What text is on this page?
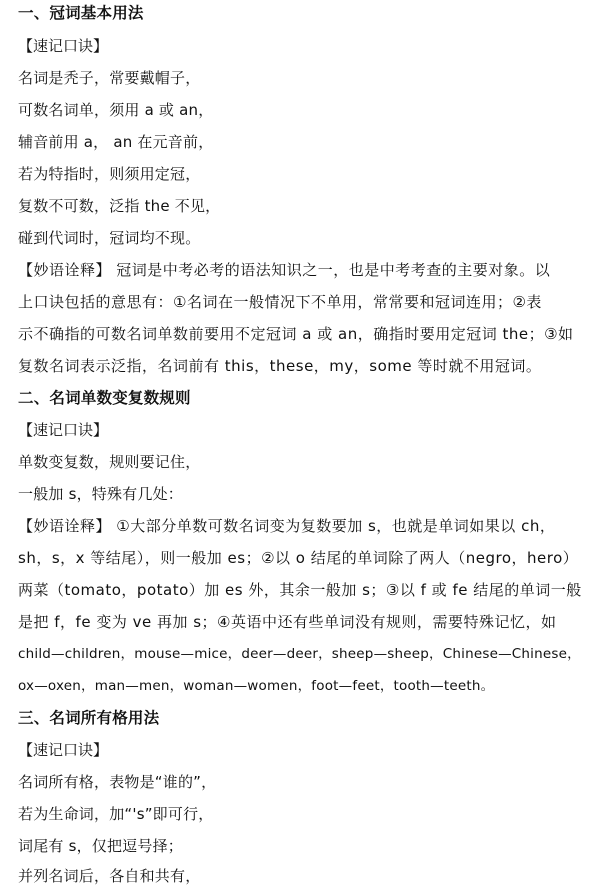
一、冠词基本用法
【速记口诀】
名词是秃子，常要戴帽子，
可数名词单，须用 a 或 an，
辅音前用 a， an 在元音前，
若为特指时，则须用定冠，
复数不可数，泛指 the 不见，
碰到代词时，冠词均不现。
【妙语诠释】 冠词是中考必考的语法知识之一，也是中考考查的主要对象。以
上口诀包括的意思有：①名词在一般情况下不单用，常常要和冠词连用；②表
示不确指的可数名词单数前要用不定冠词 a 或 an，确指时要用定冠词 the；③如
复数名词表示泛指，名词前有 this，these，my，some 等时就不用冠词。
二、名词单数变复数规则
【速记口诀】
单数变复数，规则要记住，
一般加 s，特殊有几处：
【妙语诠释】 ①大部分单数可数名词变为复数要加 s，也就是单词如果以 ch，
sh，s，x 等结尾），则一般加 es；②以 o 结尾的单词除了两人（negro，hero）
两菜（tomato，potato）加 es 外，其余一般加 s；③以 f 或 fe 结尾的单词一般
是把 f，fe 变为 ve 再加 s；④英语中还有些单词没有规则，需要特殊记忆，如
child—children，mouse—mice，deer—deer，sheep—sheep，Chinese—Chinese，
ox—oxen，man—men，woman—women，foot—feet，tooth—teeth。
三、名词所有格用法
【速记口诀】
名词所有格，表物是“谁的”，
若为生命词，加“'s”即可行，
词尾有 s，仅把逗号择；
并列名词后，各自和共有，
